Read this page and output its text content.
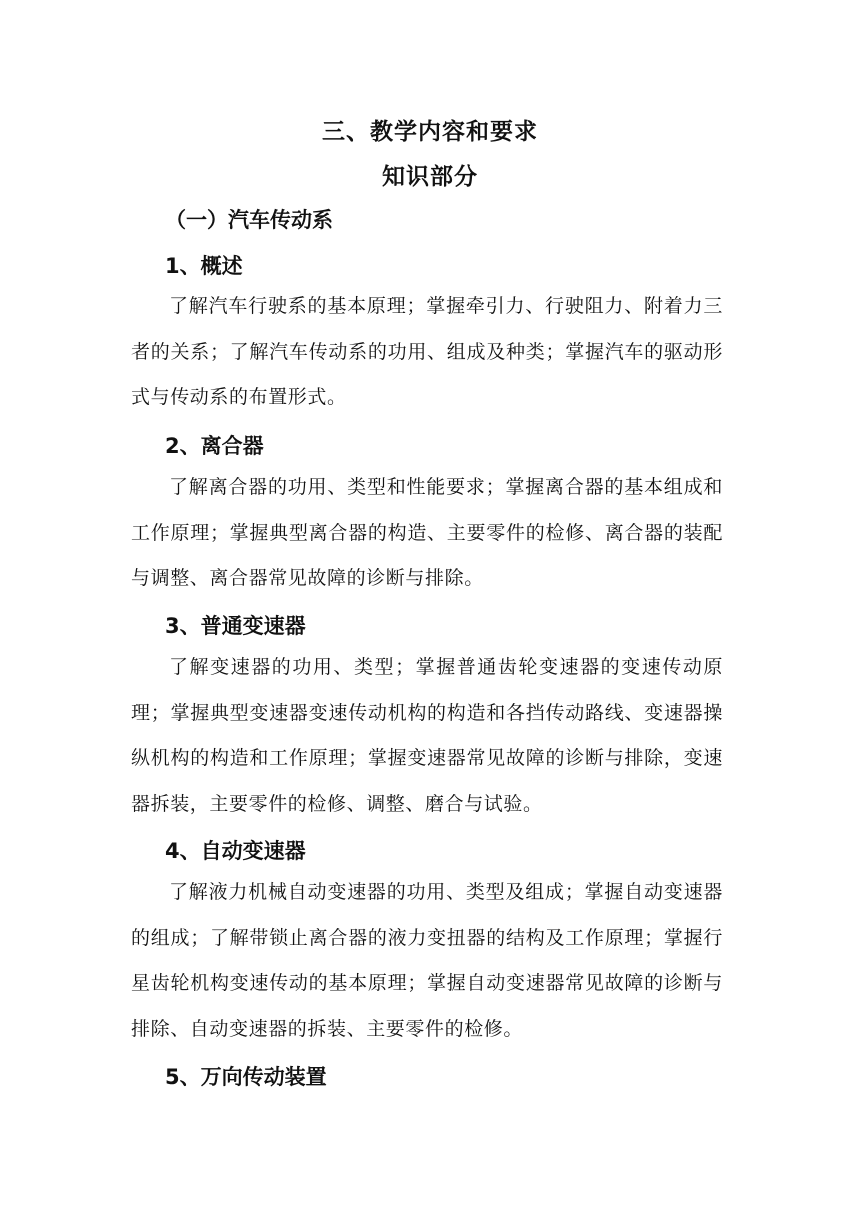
三、教学内容和要求
知识部分
（一）汽车传动系
1、概述

了解汽车行驶系的基本原理；掌握牵引力、行驶阻力、附着力三者的关系；了解汽车传动系的功用、组成及种类；掌握汽车的驱动形式与传动系的布置形式。

2、离合器

了解离合器的功用、类型和性能要求；掌握离合器的基本组成和工作原理；掌握典型离合器的构造、主要零件的检修、离合器的装配与调整、离合器常见故障的诊断与排除。

3、普通变速器

了解变速器的功用、类型；掌握普通齿轮变速器的变速传动原理；掌握典型变速器变速传动机构的构造和各挡传动路线、变速器操纵机构的构造和工作原理；掌握变速器常见故障的诊断与排除，变速器拆装，主要零件的检修、调整、磨合与试验。

4、自动变速器

了解液力机械自动变速器的功用、类型及组成；掌握自动变速器的组成；了解带锁止离合器的液力变扭器的结构及工作原理；掌握行星齿轮机构变速传动的基本原理；掌握自动变速器常见故障的诊断与排除、自动变速器的拆装、主要零件的检修。

5、万向传动装置
